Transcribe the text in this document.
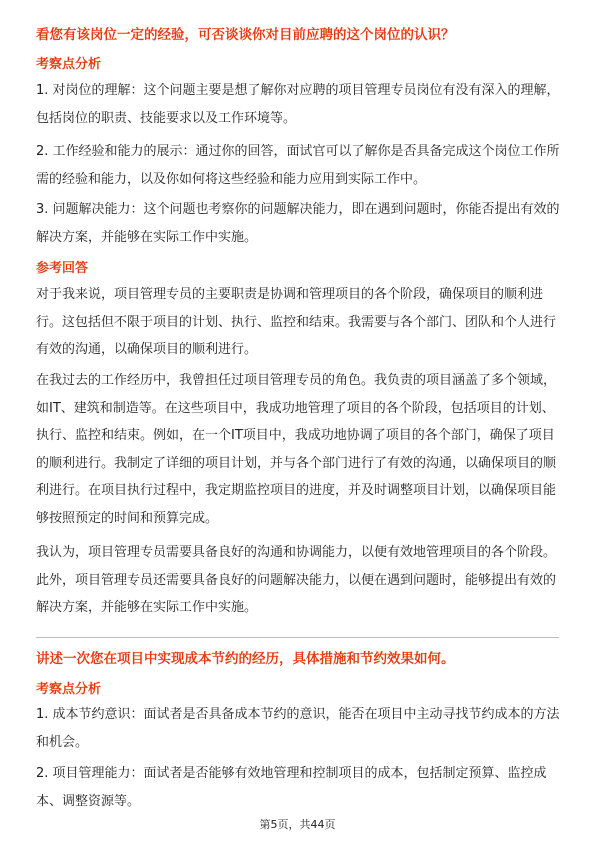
看您有该岗位一定的经验，可否谈谈你对目前应聘的这个岗位的认识？
考察点分析

1. 对岗位的理解：这个问题主要是想了解你对应聘的项目管理专员岗位有没有深入的理解，包括岗位的职责、技能要求以及工作环境等。

2. 工作经验和能力的展示：通过你的回答，面试官可以了解你是否具备完成这个岗位工作所需的经验和能力，以及你如何将这些经验和能力应用到实际工作中。

3. 问题解决能力：这个问题也考察你的问题解决能力，即在遇到问题时，你能否提出有效的解决方案，并能够在实际工作中实施。

参考回答

对于我来说，项目管理专员的主要职责是协调和管理项目的各个阶段，确保项目的顺利进行。这包括但不限于项目的计划、执行、监控和结束。我需要与各个部门、团队和个人进行有效的沟通，以确保项目的顺利进行。

在我过去的工作经历中，我曾担任过项目管理专员的角色。我负责的项目涵盖了多个领域，如IT、建筑和制造等。在这些项目中，我成功地管理了项目的各个阶段，包括项目的计划、执行、监控和结束。例如，在一个IT项目中，我成功地协调了项目的各个部门，确保了项目的顺利进行。我制定了详细的项目计划，并与各个部门进行了有效的沟通，以确保项目的顺利进行。在项目执行过程中，我定期监控项目的进度，并及时调整项目计划，以确保项目能够按照预定的时间和预算完成。

我认为，项目管理专员需要具备良好的沟通和协调能力，以便有效地管理项目的各个阶段。此外，项目管理专员还需要具备良好的问题解决能力，以便在遇到问题时，能够提出有效的解决方案，并能够在实际工作中实施。

讲述一次您在项目中实现成本节约的经历，具体措施和节约效果如何。
考察点分析

1. 成本节约意识：面试者是否具备成本节约的意识，能否在项目中主动寻找节约成本的方法和机会。

2. 项目管理能力：面试者是否能够有效地管理和控制项目的成本，包括制定预算、监控成本、调整资源等。

第5页，共44页
